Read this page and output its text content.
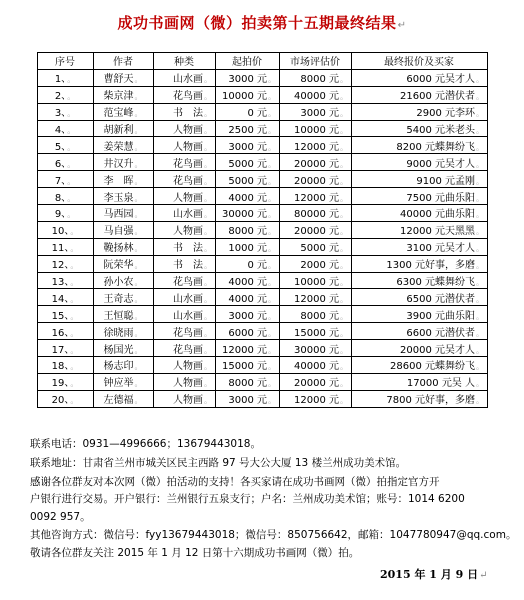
成功书画网（微）拍卖第十五期最终结果↵
序号	作者	种类	起拍价	市场评估价	最终报价及买家
1、。	曹舒天。	山水画。	3000 元。	8000 元。	6000 元吴才人。
2、。	柴京津。	花鸟画。	10000 元。	40000 元。	21600 元潜伏者。
3、。	范宝峰。	书　法。	0 元。	3000 元。	2900 元李环。
4、。	胡新利。	人物画。	2500 元。	10000 元。	5400 元米老头。
5、。	姜荣慧。	人物画。	3000 元。	12000 元。	8200 元蝶舞纷飞。
6、。	井汉升。	花鸟画。	5000 元。	20000 元。	9000 元吴才人。
7、。	李　晖。	花鸟画。	5000 元。	20000 元。	9100 元孟刚。
8、。	李玉泉。	人物画。	4000 元。	12000 元。	7500 元曲乐阳。
9、。	马西园。	山水画。	30000 元。	80000 元。	40000 元曲乐阳。
10、。	马自强。	人物画。	8000 元。	20000 元。	12000 元天黑黑。
11、。	鞔扬林。	书　法。	1000 元。	5000 元。	3100 元吴才人。
12、。	阮荣华。	书　法。	0 元。	2000 元。	1300 元好事，多磨。
13、。	孙小农。	花鸟画。	4000 元。	10000 元。	6300 元蝶舞纷飞。
14、。	王奇志。	山水画。	4000 元。	12000 元。	6500 元潜伏者。
15、。	王恒聪。	山水画。	3000 元。	8000 元。	3900 元曲乐阳。
16、。	徐晓雨。	花鸟画。	6000 元。	15000 元。	6600 元潜伏者。
17、。	杨国光。	花鸟画。	12000 元。	30000 元。	20000 元吴才人。
18、。	杨志印。	人物画。	15000 元。	40000 元。	28600 元蝶舞纷飞。
19、。	钟应举。	人物画。	8000 元。	20000 元。	17000 元吴 人。
20、。	左德福。	人物画。	3000 元。	12000 元。	7800 元好事，多磨。
联系电话：0931—4996666；13679443018。
联系地址：甘肃省兰州市城关区民主西路 97 号大公大厦 13 楼兰州成功美术馆。
感谢各位群友对本次网（微）拍活动的支持！各买家请在成功书画网（微）拍指定官方开
户银行进行交易。开户银行：兰州银行五泉支行；户名：兰州成功美术馆；账号：1014 6200
0092 957。
其他咨询方式：微信号：fyy13679443018；微信号：850756642，邮箱：1047780947@qq.com。
敬请各位群友关注 2015 年 1 月 12 日第十六期成功书画网（微）拍。
2015 年 1 月 9 日↵
